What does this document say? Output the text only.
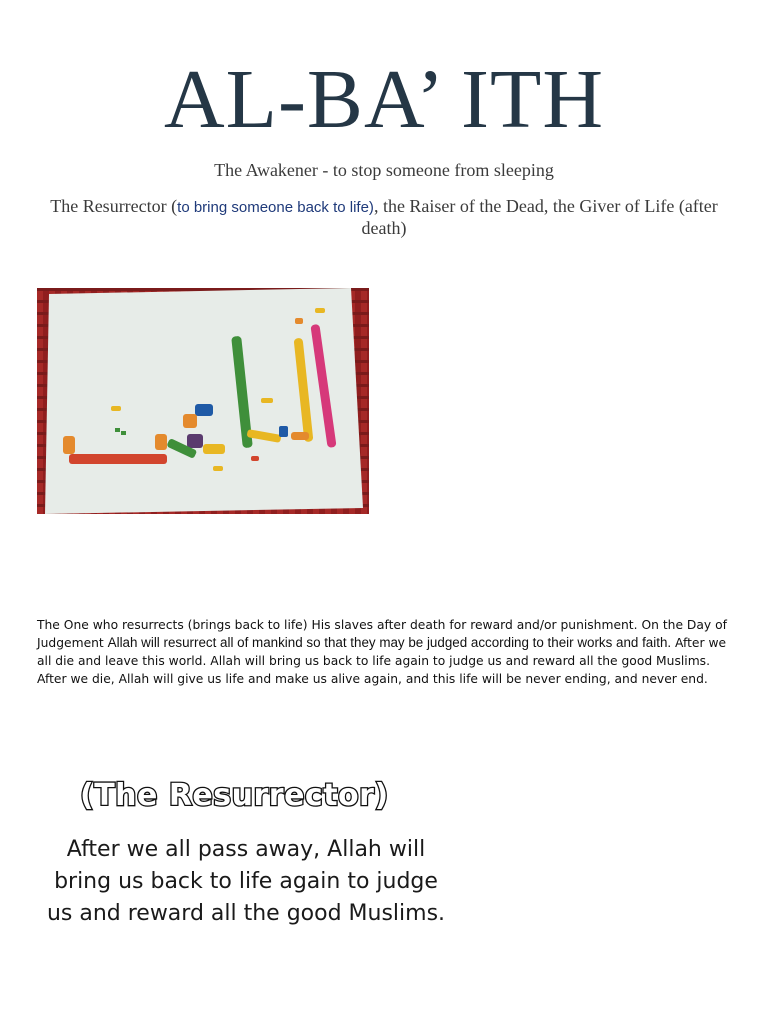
AL-BA’ ITH
The Awakener - to stop someone from sleeping
The Resurrector (to bring someone back to life), the Raiser of the Dead, the Giver of Life (after death)
The One who resurrects (brings back to life) His slaves after death for reward and/or punishment. On the Day of Judgement Allah will resurrect all of mankind so that they may be judged according to their works and faith. After we all die and leave this world. Allah will bring us back to life again to judge us and reward all the good Muslims. After we die, Allah will give us life and make us alive again, and this life will be never ending, and never end.
(The Resurrector)
After we all pass away, Allah will bring us back to life again to judge us and reward all the good Muslims.
